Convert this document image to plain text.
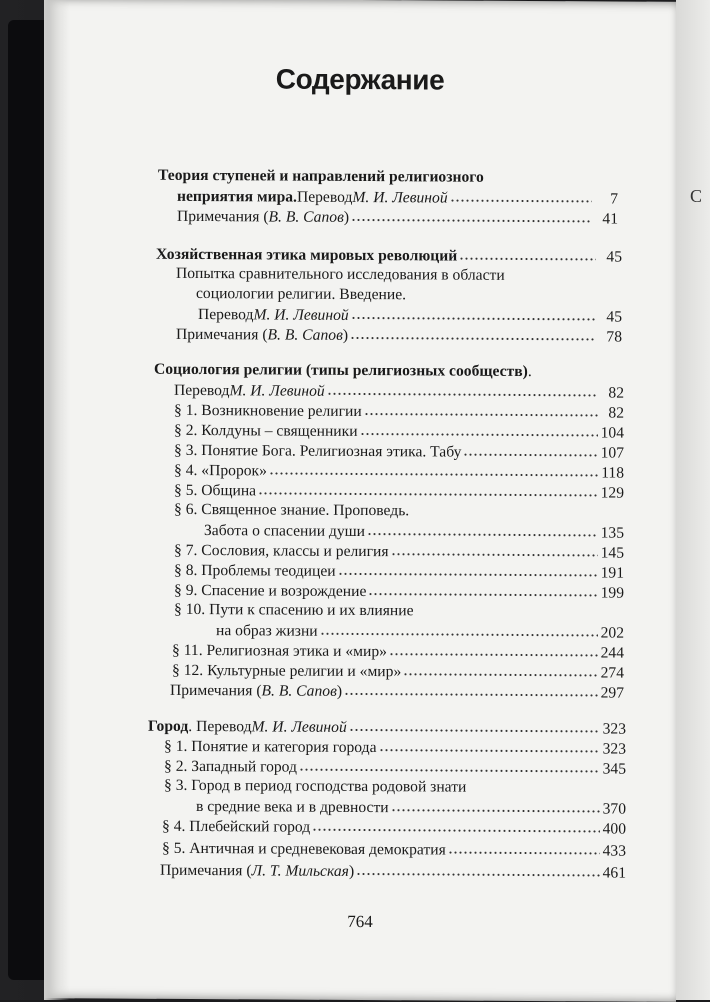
С
Содержание
Теория ступеней и направлений религиозного
неприятия мира. Перевод М. И. Левиной	7
Примечания ( В. В. Сапов )	41
Хозяйственная этика мировых революций	45
Попытка сравнительного исследования в области
социологии религии. Введение.
Перевод М. И. Левиной	45
Примечания ( В. В. Сапов )	78
Социология религии (типы религиозных сообществ) .
Перевод М. И. Левиной	82
§ 1. Возникновение религии	82
§ 2. Колдуны – священники	104
§ 3. Понятие Бога. Религиозная этика. Табу	107
§ 4. «Пророк»	118
§ 5. Община	129
§ 6. Священное знание. Проповедь.
Забота о спасении души	135
§ 7. Сословия, классы и религия	145
§ 8. Проблемы теодицеи	191
§ 9. Спасение и возрождение	199
§ 10. Пути к спасению и их влияние
на образ жизни	202
§ 11. Религиозная этика и «мир»	244
§ 12. Культурные религии и «мир»	274
Примечания ( В. В. Сапов )	297
Город . Перевод М. И. Левиной	323
§ 1. Понятие и категория города	323
§ 2. Западный город	345
§ 3. Город в период господства родовой знати
в средние века и в древности	370
§ 4. Плебейский город	400
§ 5. Античная и средневековая демократия	433
Примечания ( Л. Т. Мильская )	461
764
